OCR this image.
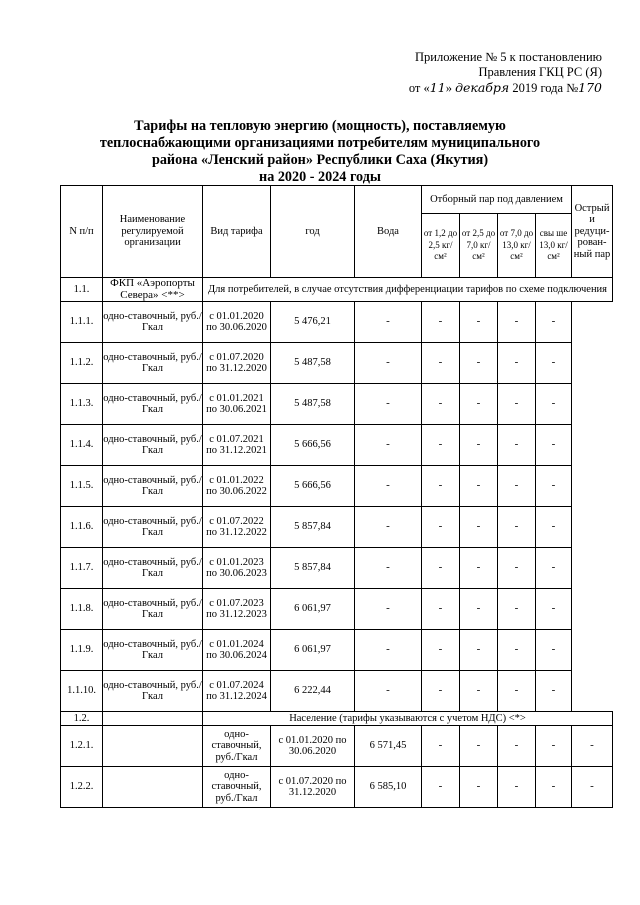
Приложение № 5 к постановлению
Правления ГКЦ РС (Я)
от «11» декабря 2019 года №170
Тарифы на тепловую энергию (мощность), поставляемую
теплоснабжающими организациями потребителям муниципального
района «Ленский район» Республики Саха (Якутия)
на 2020 - 2024 годы
N п/п	Наименование регулируемой организации	Вид тарифа	год	Вода	Отборный пар под давлением				Острый и редуци-рован-ный пар
					от 1,2 до 2,5 кг/ см²	от 2,5 до 7,0 кг/ см²	от 7,0 до 13,0 кг/ см²	свы ше 13,0 кг/ см²	
1.1.	ФКП «Аэропорты Севера» <**>	Для потребителей, в случае отсутствия дифференциации тарифов по схеме подключения							
1.1.1.	одно-ставочный, руб./Гкал	с 01.01.2020 по 30.06.2020	5 476,21	-	-	-	-	-	
1.1.2.	одно-ставочный, руб./Гкал	с 01.07.2020 по 31.12.2020	5 487,58	-	-	-	-	-	
1.1.3.	одно-ставочный, руб./Гкал	с 01.01.2021 по 30.06.2021	5 487,58	-	-	-	-	-	
1.1.4.	одно-ставочный, руб./Гкал	с 01.07.2021 по 31.12.2021	5 666,56	-	-	-	-	-	
1.1.5.	одно-ставочный, руб./Гкал	с 01.01.2022 по 30.06.2022	5 666,56	-	-	-	-	-	
1.1.6.	одно-ставочный, руб./Гкал	с 01.07.2022 по 31.12.2022	5 857,84	-	-	-	-	-	
1.1.7.	одно-ставочный, руб./Гкал	с 01.01.2023 по 30.06.2023	5 857,84	-	-	-	-	-	
1.1.8.	одно-ставочный, руб./Гкал	с 01.07.2023 по 31.12.2023	6 061,97	-	-	-	-	-	
1.1.9.	одно-ставочный, руб./Гкал	с 01.01.2024 по 30.06.2024	6 061,97	-	-	-	-	-	
1.1.10.	одно-ставочный, руб./Гкал	с 01.07.2024 по 31.12.2024	6 222,44	-	-	-	-	-	
1.2.		Население (тарифы указываются с учетом НДС) <*>							
1.2.1.		одно-ставочный, руб./Гкал	с 01.01.2020 по 30.06.2020	6 571,45	-	-	-	-	-
1.2.2.		одно-ставочный, руб./Гкал	с 01.07.2020 по 31.12.2020	6 585,10	-	-	-	-	-
